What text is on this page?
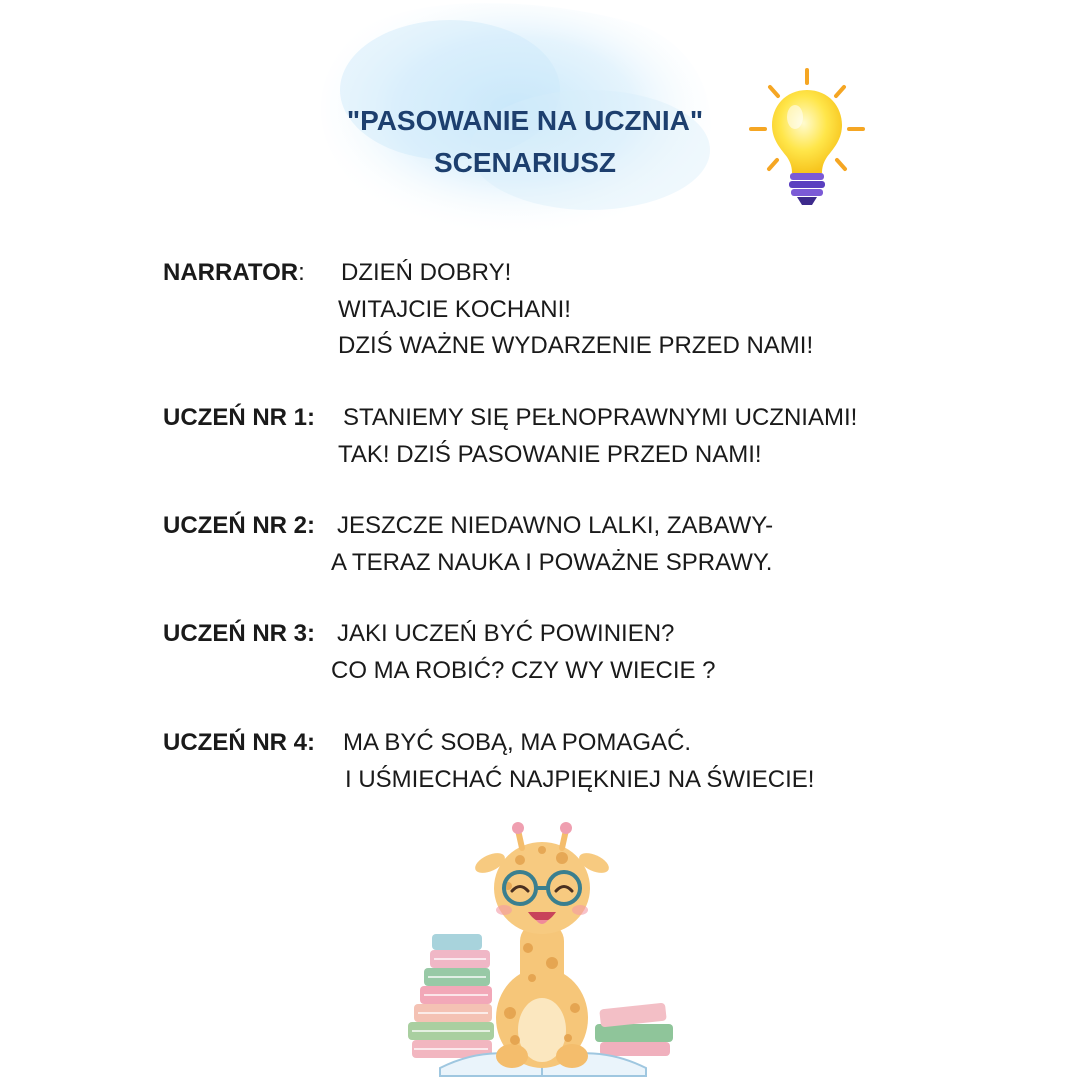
"PASOWANIE NA UCZNIA"
SCENARIUSZ
NARRATOR: DZIEŃ DOBRY!
WITAJCIE KOCHANI!
DZIŚ WAŻNE WYDARZENIE PRZED NAMI!
UCZEŃ NR 1: STANIEMY SIĘ PEŁNOPRAWNYMI UCZNIAMI!
TAK! DZIŚ PASOWANIE PRZED NAMI!
UCZEŃ NR 2: JESZCZE NIEDAWNO LALKI, ZABAWY-
A TERAZ NAUKA I POWAŻNE SPRAWY.
UCZEŃ NR 3: JAKI UCZEŃ BYĆ POWINIEN?
CO MA ROBIĆ? CZY WY WIECIE ?
UCZEŃ NR 4: MA BYĆ SOBĄ, MA POMAGAĆ.
I UŚMIECHAĆ NAJPIĘKNIEJ NA ŚWIECIE!
